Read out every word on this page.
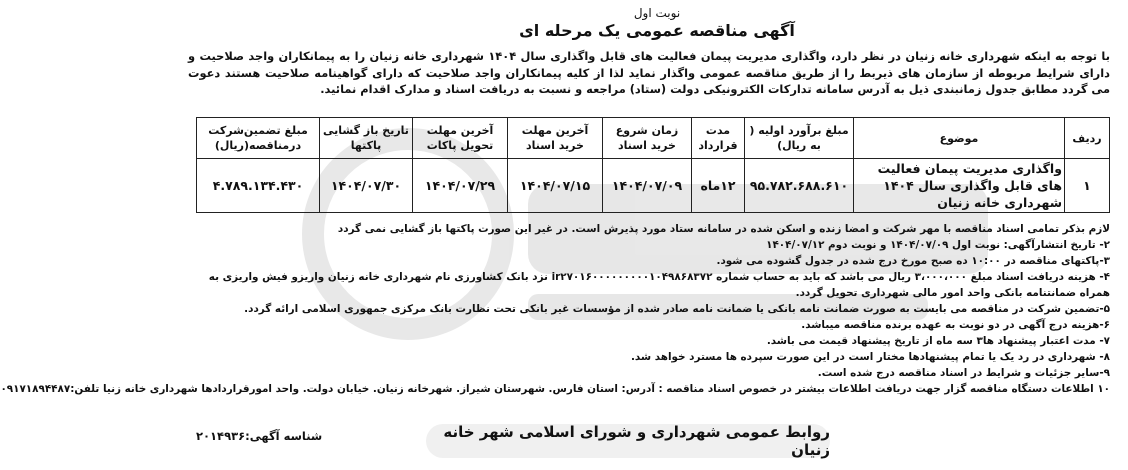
نوبت اول
آگهی مناقصه عمومی یک مرحله ای
با توجه به اینکه شهرداری خانه زنیان در نظر دارد، واگذاری مدیریت پیمان فعالیت های قابل واگذاری سال ۱۴۰۴ شهرداری خانه زنیان را به پیمانکاران واجد صلاحیت و دارای شرایط مربوطه از سازمان های ذیربط را از طریق مناقصه عمومی واگذار نماید لذا از کلیه پیمانکاران واجد صلاحیت که دارای گواهینامه صلاحیت هستند دعوت می گردد مطابق جدول زمانبندی ذیل به آدرس سامانه تدارکات الکترونیکی دولت (ستاد) مراجعه و نسبت به دریافت اسناد و مدارک اقدام نمائید.
ردیف	موضوع	مبلغ برآورد اولیه ( به ریال)	مدت قرارداد	زمان شروع خرید اسناد	آخرین مهلت خرید اسناد	آخرین مهلت تحویل پاکات	تاریخ باز گشایی پاکتها	مبلغ تضمین‌شرکت درمناقصه(ریال)
۱	واگذاری مدیریت پیمان فعالیت های قابل واگذاری سال ۱۴۰۴ شهرداری خانه زنیان	۹۵.۷۸۲.۶۸۸.۶۱۰	۱۲ماه	۱۴۰۴/۰۷/۰۹	۱۴۰۴/۰۷/۱۵	۱۴۰۴/۰۷/۲۹	۱۴۰۴/۰۷/۳۰	۴.۷۸۹.۱۳۴.۴۳۰
لازم بذکر تمامی اسناد مناقصه با مهر شرکت و امضا زنده و اسکن شده در سامانه ستاد مورد پذیرش است. در غیر این صورت پاکتها باز گشایی نمی گردد
۲- تاریخ انتشارآگهی: نوبت اول ۱۴۰۴/۰۷/۰۹ و نوبت دوم ۱۴۰۴/۰۷/۱۲
۳-پاکتهای مناقصه در ۱۰:۰۰ ده صبح مورخ درج شده در جدول گشوده می شود.
۴- هزینه دریافت اسناد مبلغ ۳،۰۰۰،۰۰۰ ریال می باشد که باید به حساب شماره ir۲۷۰۱۶۰۰۰۰۰۰۰۰۰۱۰۴۹۸۶۸۳۷۲ نزد بانک کشاورزی نام شهرداری خانه زنیان واریزو فیش واریزی به همراه ضمانتنامه بانکی واحد امور مالی شهرداری تحویل گردد.
۵-تضمین شرکت در مناقصه می بایست به صورت ضمانت نامه بانکی یا ضمانت نامه صادر شده از مؤسسات غیر بانکی تحت نظارت بانک مرکزی جمهوری اسلامی ارائه گردد.
۶-هزینه درج آگهی در دو نوبت به عهده برنده مناقصه میباشد.
۷- مدت اعتبار پیشنهاد ها۳ سه ماه از تاریخ پیشنهاد قیمت می باشد.
۸- شهرداری در رد یک یا تمام پیشنهادها مختار است در این صورت سپرده ها مسترد خواهد شد.
۹-سایر جزئیات و شرایط در اسناد مناقصه درج شده است.
۱۰ اطلاعات دستگاه مناقصه گزار جهت دریافت اطلاعات بیشتر در خصوص اسناد مناقصه : آدرس: استان فارس. شهرستان شیراز. شهرخانه زنیان. خیابان دولت. واحد امورقراردادها شهرداری خانه زنیا تلفن:۰۹۱۷۱۸۹۴۴۸۷
روابط عمومی شهرداری و شورای اسلامی شهر خانه زنیان
شناسه آگهی:۲۰۱۴۹۳۶
